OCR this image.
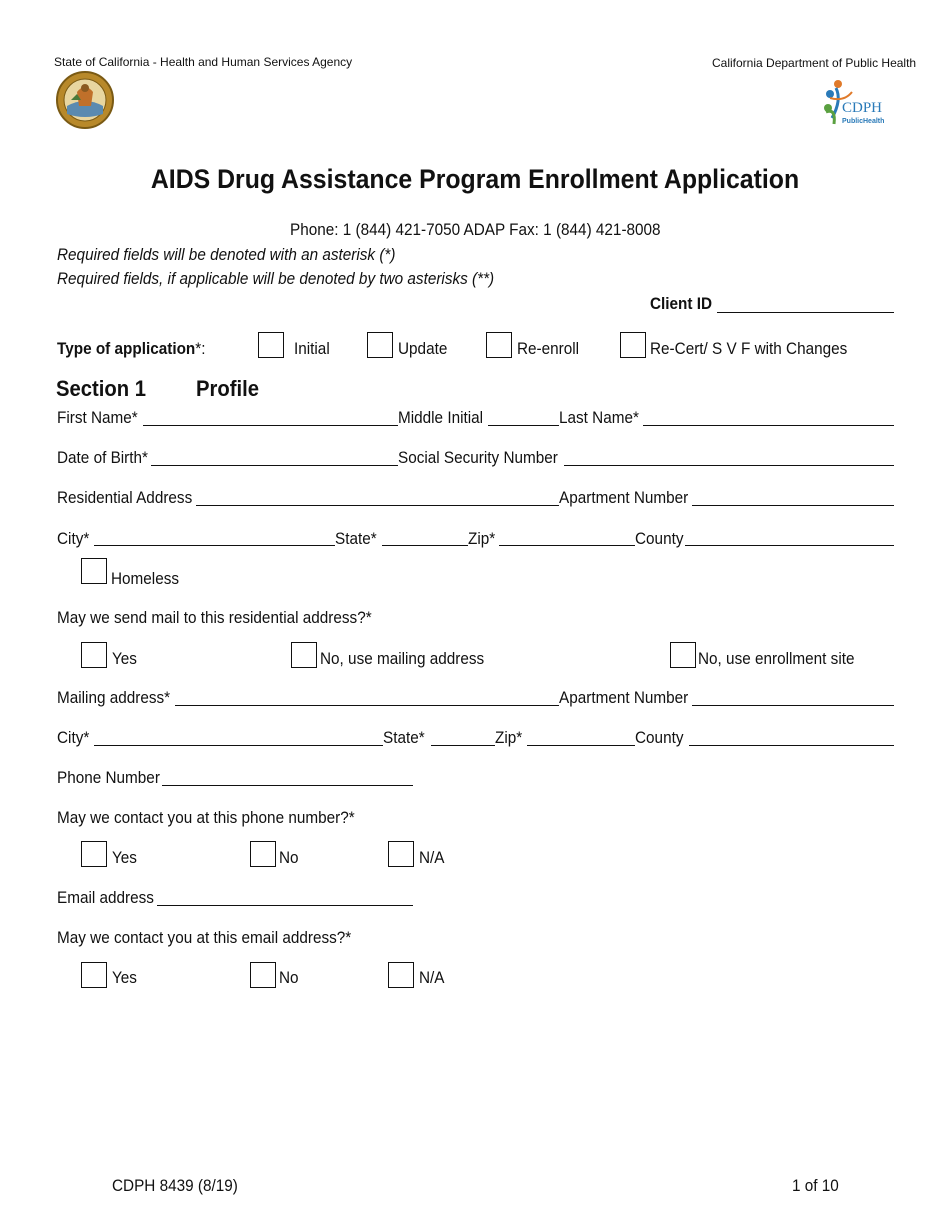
State of California - Health and Human Services Agency	California Department of Public Health
CDPH
PublicHealth
AIDS Drug Assistance Program Enrollment Application
Phone: 1 (844) 421-7050 ADAP Fax: 1 (844) 421-8008
Required fields will be denoted with an asterisk (*)
Required fields, if applicable will be denoted by two asterisks (**)
Client ID
Type of application*:	Initial	Update	Re-enroll	Re-Cert/ S V F with Changes
Section 1 Profile
First Name*	Middle Initial	Last Name*
Date of Birth*	Social Security Number
Residential Address	Apartment Number
City*	State*	Zip*	County
Homeless
May we send mail to this residential address?*
Yes	No, use mailing address	No, use enrollment site
Mailing address*	Apartment Number
City*	State*	Zip*	County
Phone Number
May we contact you at this phone number?*
Yes	No	N/A
Email address
May we contact you at this email address?*
Yes	No	N/A
CDPH 8439 (8/19)	1 of 10
